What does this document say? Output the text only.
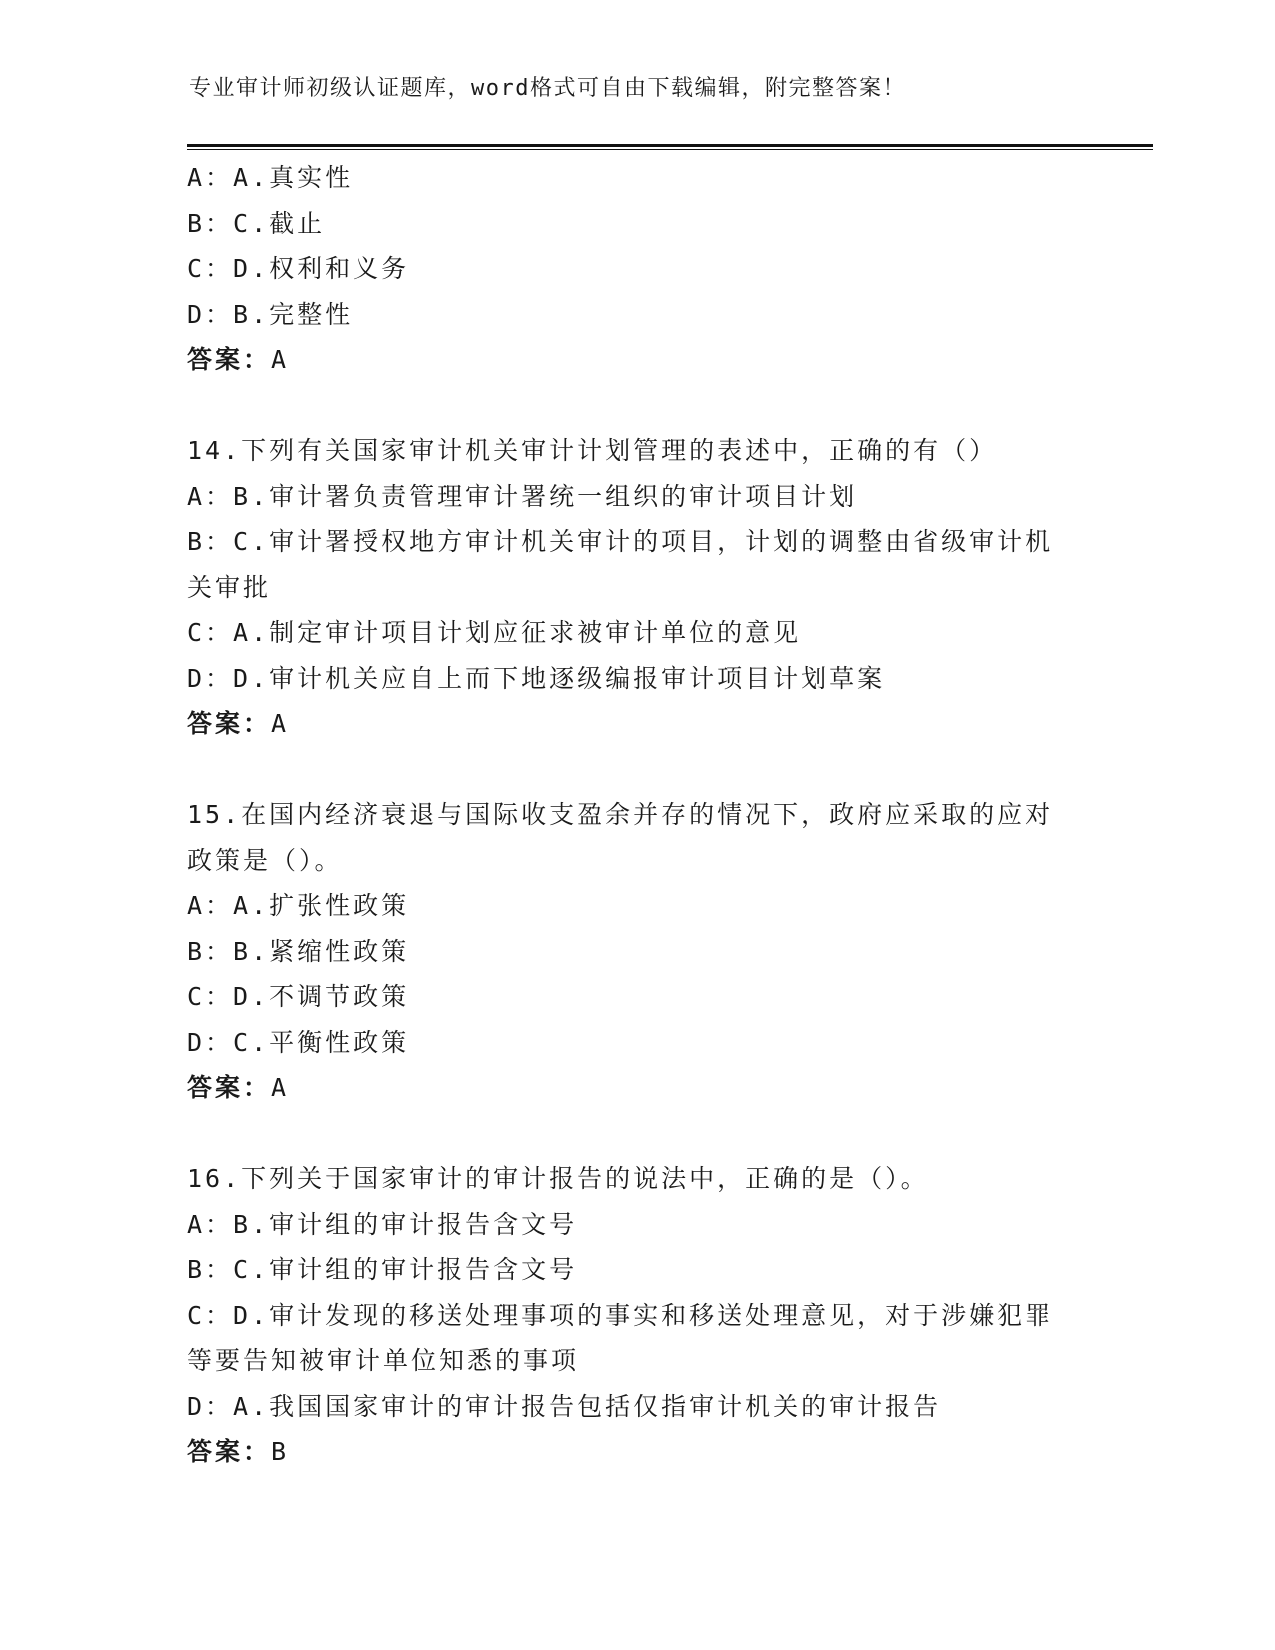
专业审计师初级认证题库，word格式可自由下载编辑，附完整答案！

A：A.真实性

B：C.截止

C：D.权利和义务

D：B.完整性

答案：A

14.下列有关国家审计机关审计计划管理的表述中，正确的有（）

A：B.审计署负责管理审计署统一组织的审计项目计划

B：C.审计署授权地方审计机关审计的项目，计划的调整由省级审计机

关审批

C：A.制定审计项目计划应征求被审计单位的意见

D：D.审计机关应自上而下地逐级编报审计项目计划草案

答案：A

15.在国内经济衰退与国际收支盈余并存的情况下，政府应采取的应对

政策是（）。

A：A.扩张性政策

B：B.紧缩性政策

C：D.不调节政策

D：C.平衡性政策

答案：A

16.下列关于国家审计的审计报告的说法中，正确的是（）。

A：B.审计组的审计报告含文号

B：C.审计组的审计报告含文号

C：D.审计发现的移送处理事项的事实和移送处理意见，对于涉嫌犯罪

等要告知被审计单位知悉的事项

D：A.我国国家审计的审计报告包括仅指审计机关的审计报告

答案：B
